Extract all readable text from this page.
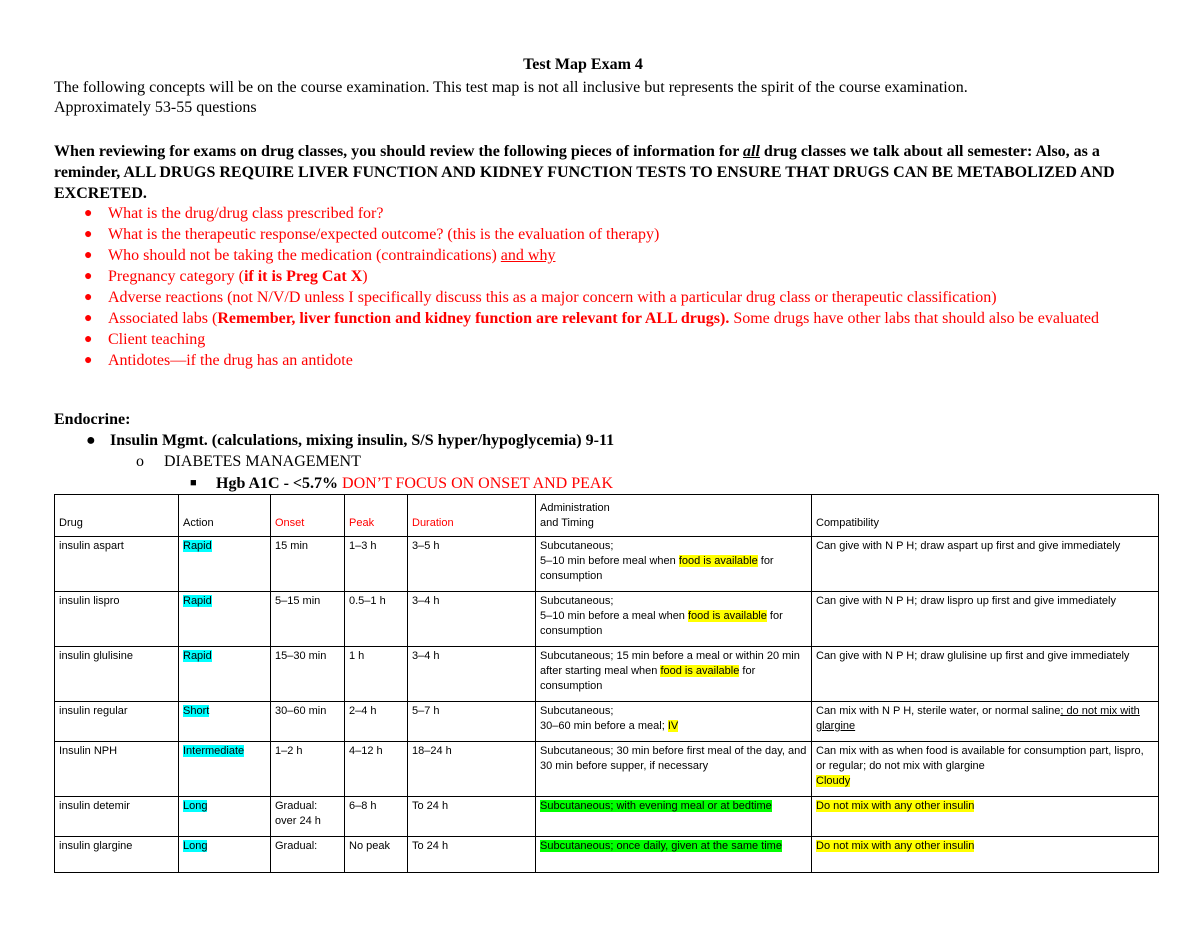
Test Map Exam 4
The following concepts will be on the course examination. This test map is not all inclusive but represents the spirit of the course examination.
Approximately 53-55 questions
When reviewing for exams on drug classes, you should review the following pieces of information for all drug classes we talk about all semester: Also, as a reminder, ALL DRUGS REQUIRE LIVER FUNCTION AND KIDNEY FUNCTION TESTS TO ENSURE THAT DRUGS CAN BE METABOLIZED AND EXCRETED.
● What is the drug/drug class prescribed for?
● What is the therapeutic response/expected outcome? (this is the evaluation of therapy)
● Who should not be taking the medication (contraindications) and why
● Pregnancy category (if it is Preg Cat X)
● Adverse reactions (not N/V/D unless I specifically discuss this as a major concern with a particular drug class or therapeutic classification)
● Associated labs (Remember, liver function and kidney function are relevant for ALL drugs). Some drugs have other labs that should also be evaluated
● Client teaching
● Antidotes—if the drug has an antidote
Endocrine:
● Insulin Mgmt. (calculations, mixing insulin, S/S hyper/hypoglycemia) 9-11
o DIABETES MANAGEMENT
■ Hgb A1C - <5.7% DON’T FOCUS ON ONSET AND PEAK
Drug	Action	Onset	Peak	Duration	Administration
and Timing	Compatibility
insulin aspart	Rapid	15 min	1–3 h	3–5 h	Subcutaneous;
5–10 min before meal when food is available for consumption	Can give with N P H; draw aspart up first and give immediately
insulin lispro	Rapid	5–15 min	0.5–1 h	3–4 h	Subcutaneous;
5–10 min before a meal when food is available for consumption	Can give with N P H; draw lispro up first and give immediately
insulin glulisine	Rapid	15–30 min	1 h	3–4 h	Subcutaneous; 15 min before a meal or within 20 min after starting meal when food is available for consumption	Can give with N P H; draw glulisine up first and give immediately
insulin regular	Short	30–60 min	2–4 h	5–7 h	Subcutaneous;
30–60 min before a meal; IV	Can mix with N P H, sterile water, or normal saline; do not mix with glargine
Insulin NPH	Intermediate	1–2 h	4–12 h	18–24 h	Subcutaneous; 30 min before first meal of the day, and 30 min before supper, if necessary	Can mix with as when food is available for consumption part, lispro, or regular; do not mix with glargine
Cloudy
insulin detemir	Long	Gradual:
over 24 h	6–8 h	To 24 h	Subcutaneous; with evening meal or at bedtime	Do not mix with any other insulin
insulin glargine	Long	Gradual:	No peak	To 24 h	Subcutaneous; once daily, given at the same time	Do not mix with any other insulin
